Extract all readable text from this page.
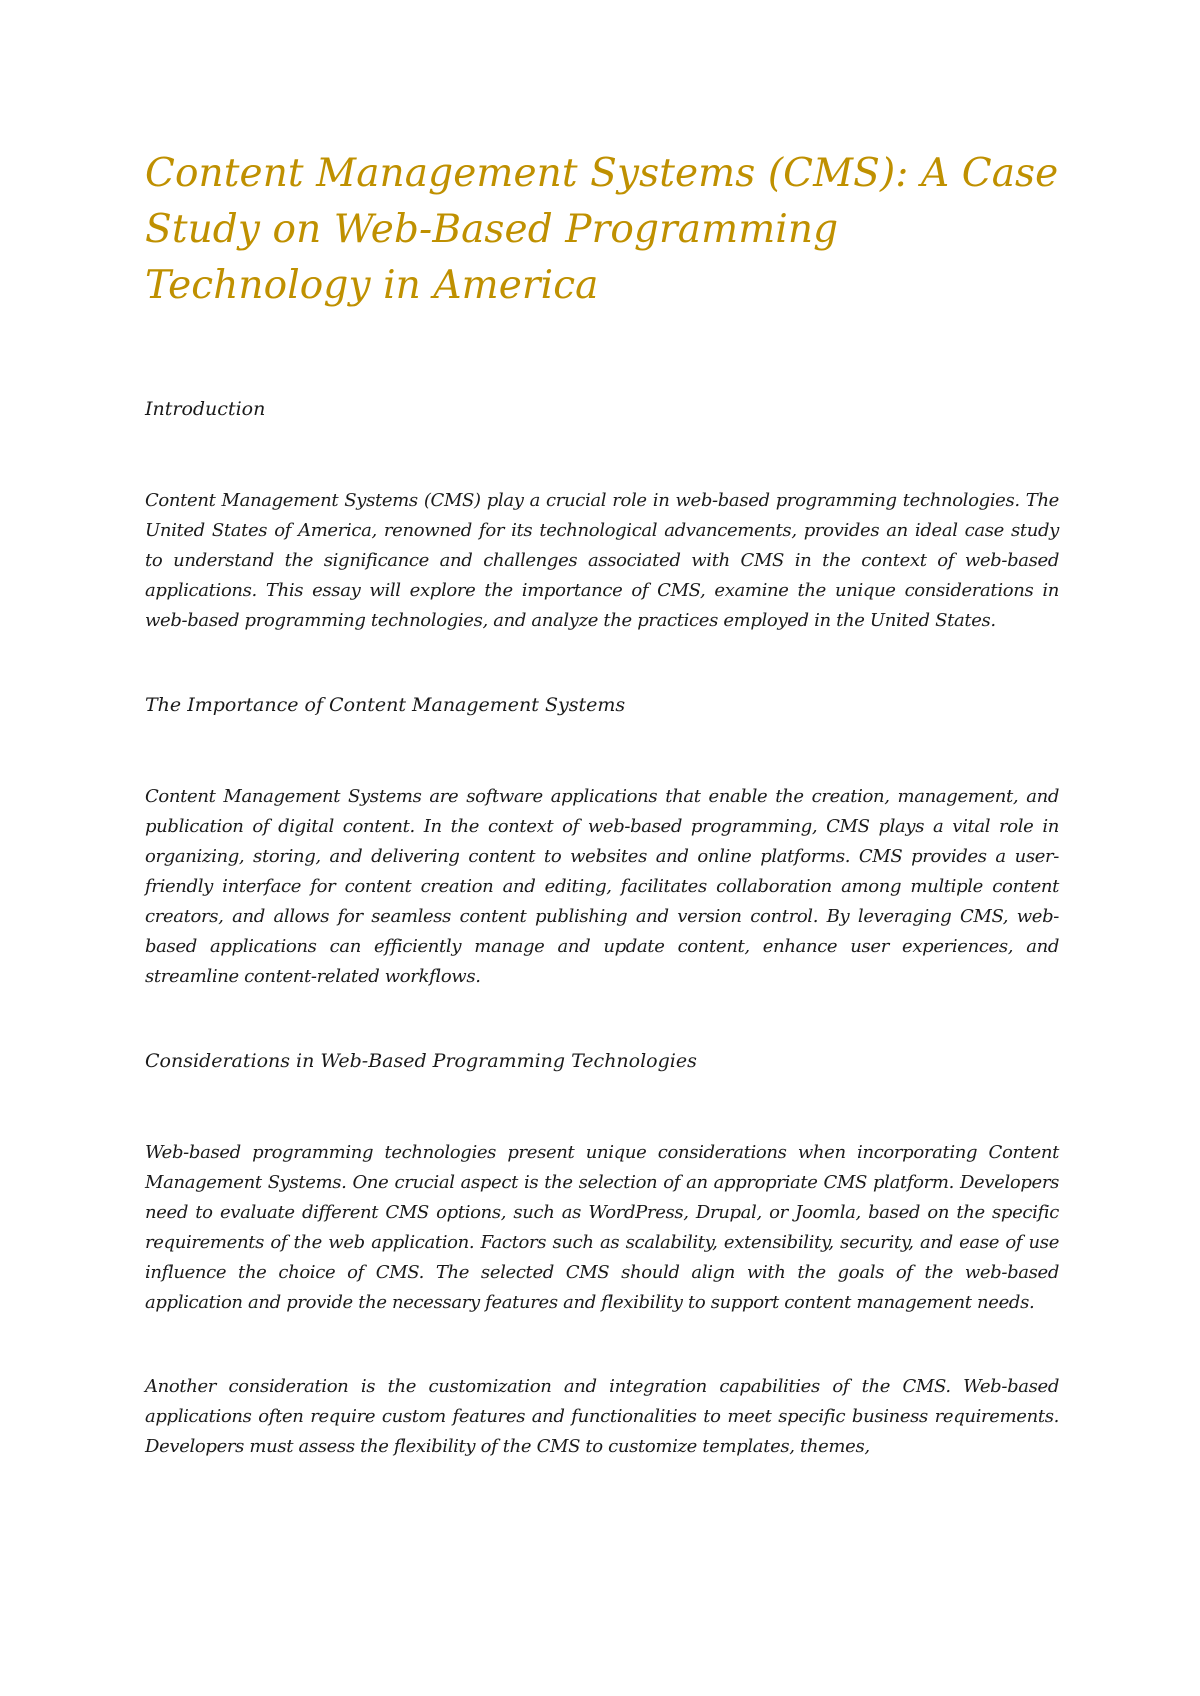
Content Management Systems (CMS): A Case Study on Web-Based Programming Technology in America
Introduction

Content Management Systems (CMS) play a crucial role in web-based programming technologies. The United States of America, renowned for its technological advancements, provides an ideal case study to understand the significance and challenges associated with CMS in the context of web-based applications. This essay will explore the importance of CMS, examine the unique considerations in web-based programming technologies, and analyze the practices employed in the United States.

The Importance of Content Management Systems

Content Management Systems are software applications that enable the creation, management, and publication of digital content. In the context of web-based programming, CMS plays a vital role in organizing, storing, and delivering content to websites and online platforms. CMS provides a user-friendly interface for content creation and editing, facilitates collaboration among multiple content creators, and allows for seamless content publishing and version control. By leveraging CMS, web-based applications can efficiently manage and update content, enhance user experiences, and streamline content-related workflows.

Considerations in Web-Based Programming Technologies

Web-based programming technologies present unique considerations when incorporating Content Management Systems. One crucial aspect is the selection of an appropriate CMS platform. Developers need to evaluate different CMS options, such as WordPress, Drupal, or Joomla, based on the specific requirements of the web application. Factors such as scalability, extensibility, security, and ease of use influence the choice of CMS. The selected CMS should align with the goals of the web-based application and provide the necessary features and flexibility to support content management needs.

Another consideration is the customization and integration capabilities of the CMS. Web-based applications often require custom features and functionalities to meet specific business requirements. Developers must assess the flexibility of the CMS to customize templates, themes,
